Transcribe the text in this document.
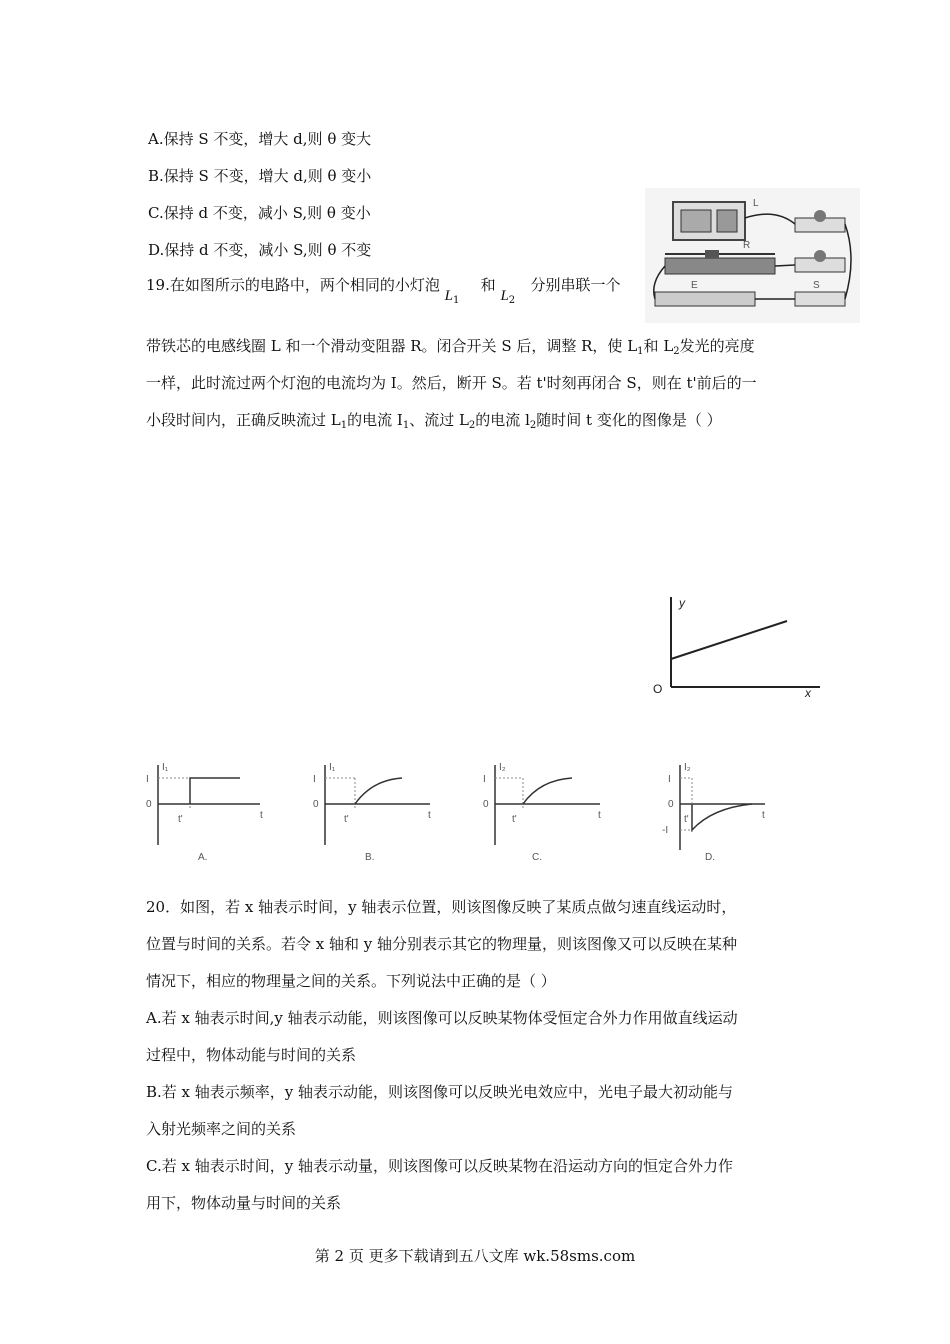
A.保持 S 不变，增大 d,则 θ 变大
B.保持 S 不变，增大 d,则 θ 变小
C.保持 d 不变，减小 S,则 θ 变小
D.保持 d 不变，减小 S,则 θ 不变
19.在如图所示的电路中，两个相同的小灯泡 $L_1$和 $L_2$分别串联一个
带铁芯的电感线圈 L 和一个滑动变阻器 R。闭合开关 S 后，调整 R，使 $L_1$和 $L_2$发光的亮度
一样，此时流过两个灯泡的电流均为 I。然后，断开 S。若 t'时刻再闭合 S，则在 t'前后的一
小段时间内，正确反映流过 $L_1$的电流 $I_1$、流过 $L_2$的电流 $l_2$随时间 t 变化的图像是（ ）
L
R
E	S
y
x
O
I₁
I
0
t'	t
A.
I₁
I
0
t'	t
B.
I₂
I
0
t'	t
C.
I₂
I
0
-I
t'	t
D.
20．如图，若 x 轴表示时间，y 轴表示位置，则该图像反映了某质点做匀速直线运动时，
位置与时间的关系。若令 x 轴和 y 轴分别表示其它的物理量，则该图像又可以反映在某种
情况下，相应的物理量之间的关系。下列说法中正确的是（ ）
A.若 x 轴表示时间,y 轴表示动能，则该图像可以反映某物体受恒定合外力作用做直线运动
过程中，物体动能与时间的关系
B.若 x 轴表示频率，y 轴表示动能，则该图像可以反映光电效应中，光电子最大初动能与
入射光频率之间的关系
C.若 x 轴表示时间，y 轴表示动量，则该图像可以反映某物在沿运动方向的恒定合外力作
用下，物体动量与时间的关系
第 2 页 更多下载请到五八文库 wk.58sms.com
